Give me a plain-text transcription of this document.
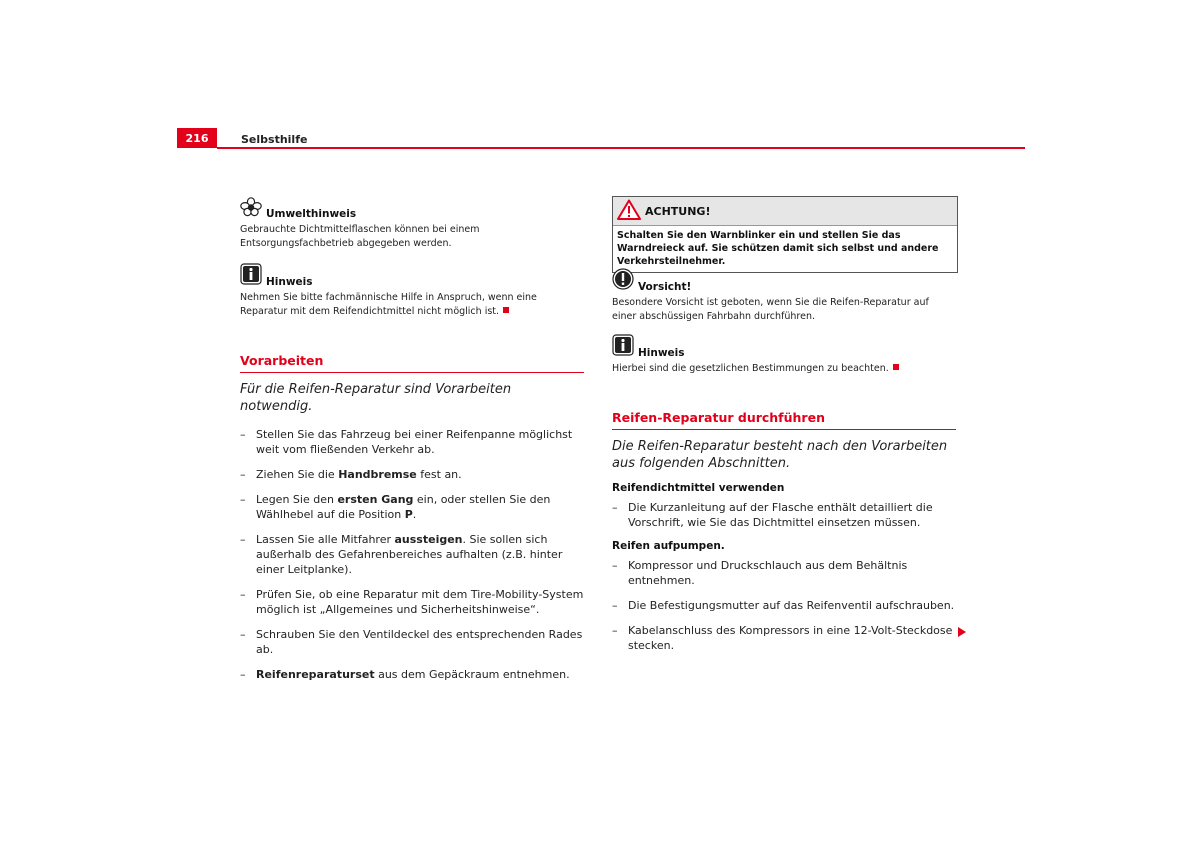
216	Selbsthilfe
Umwelthinweis
Gebrauchte Dichtmittelflaschen können bei einem Entsorgungsfachbetrieb abgegeben werden.
Hinweis
Nehmen Sie bitte fachmännische Hilfe in Anspruch, wenn eine Reparatur mit dem Reifendichtmittel nicht möglich ist.
Vorarbeiten
Für die Reifen-Reparatur sind Vorarbeiten notwendig.
– Stellen Sie das Fahrzeug bei einer Reifenpanne möglichst weit vom fließenden Verkehr ab.
– Ziehen Sie die Handbremse fest an.
– Legen Sie den ersten Gang ein, oder stellen Sie den Wählhebel auf die Position P.
– Lassen Sie alle Mitfahrer aussteigen. Sie sollen sich außerhalb des Gefahrenbereiches aufhalten (z.B. hinter einer Leitplanke).
– Prüfen Sie, ob eine Reparatur mit dem Tire-Mobility-System möglich ist „Allgemeines und Sicherheitshinweise“.
– Schrauben Sie den Ventildeckel des entsprechenden Rades ab.
– Reifenreparaturset aus dem Gepäckraum entnehmen.
ACHTUNG!
Schalten Sie den Warnblinker ein und stellen Sie das Warndreieck auf. Sie schützen damit sich selbst und andere Verkehrsteilnehmer.
Vorsicht!
Besondere Vorsicht ist geboten, wenn Sie die Reifen-Reparatur auf einer abschüssigen Fahrbahn durchführen.
Hinweis
Hierbei sind die gesetzlichen Bestimmungen zu beachten.
Reifen-Reparatur durchführen
Die Reifen-Reparatur besteht nach den Vorarbeiten aus folgenden Abschnitten.
Reifendichtmittel verwenden
– Die Kurzanleitung auf der Flasche enthält detailliert die Vorschrift, wie Sie das Dichtmittel einsetzen müssen.
Reifen aufpumpen.
– Kompressor und Druckschlauch aus dem Behältnis entnehmen.
– Die Befestigungsmutter auf das Reifenventil aufschrauben.
– Kabelanschluss des Kompressors in eine 12-Volt-Steckdose stecken.
